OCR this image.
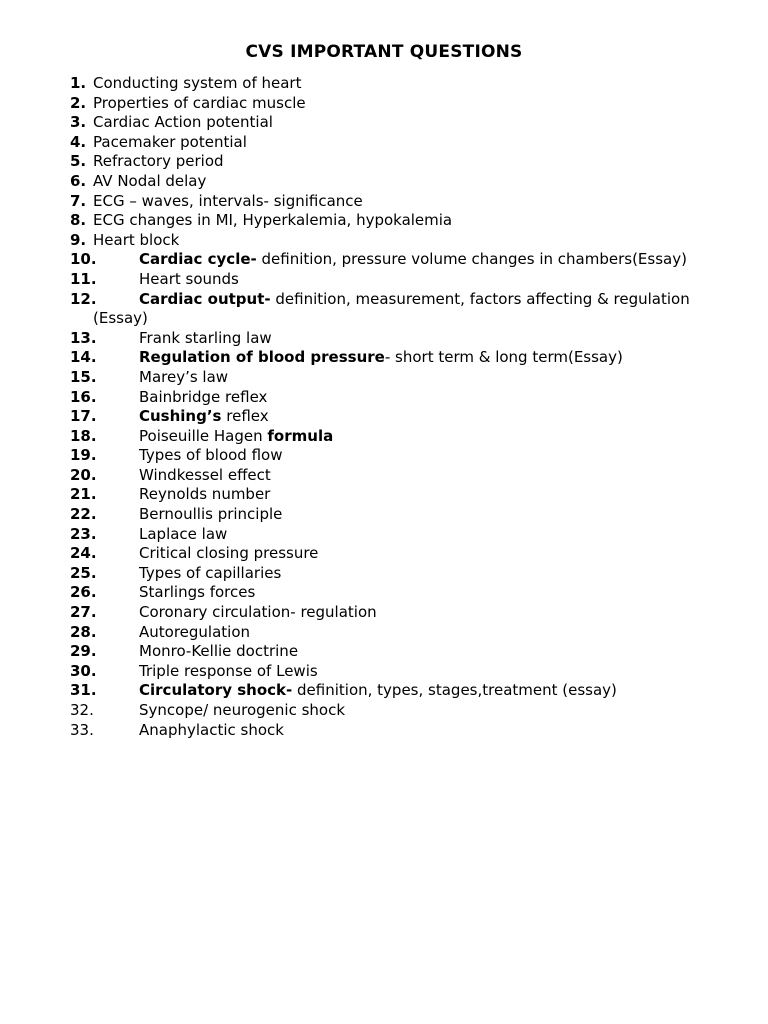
CVS IMPORTANT QUESTIONS
1. Conducting system of heart
2. Properties of cardiac muscle
3. Cardiac Action potential
4. Pacemaker potential
5. Refractory period
6. AV Nodal delay
7. ECG – waves, intervals- significance
8. ECG changes in MI, Hyperkalemia, hypokalemia
9. Heart block
10.	Cardiac cycle- definition, pressure volume changes in chambers(Essay)
11.	Heart sounds
12.	Cardiac output- definition, measurement, factors affecting & regulation
(Essay)
13.	Frank starling law
14.	Regulation of blood pressure- short term & long term(Essay)
15.	Marey’s law
16.	Bainbridge reflex
17.	Cushing’s reflex
18.	Poiseuille Hagen formula
19.	Types of blood flow
20.	Windkessel effect
21.	Reynolds number
22.	Bernoullis principle
23.	Laplace law
24.	Critical closing pressure
25.	Types of capillaries
26.	Starlings forces
27.	Coronary circulation- regulation
28.	Autoregulation
29.	Monro-Kellie doctrine
30.	Triple response of Lewis
31.	Circulatory shock- definition, types, stages,treatment (essay)
32.	Syncope/ neurogenic shock
33.	Anaphylactic shock
